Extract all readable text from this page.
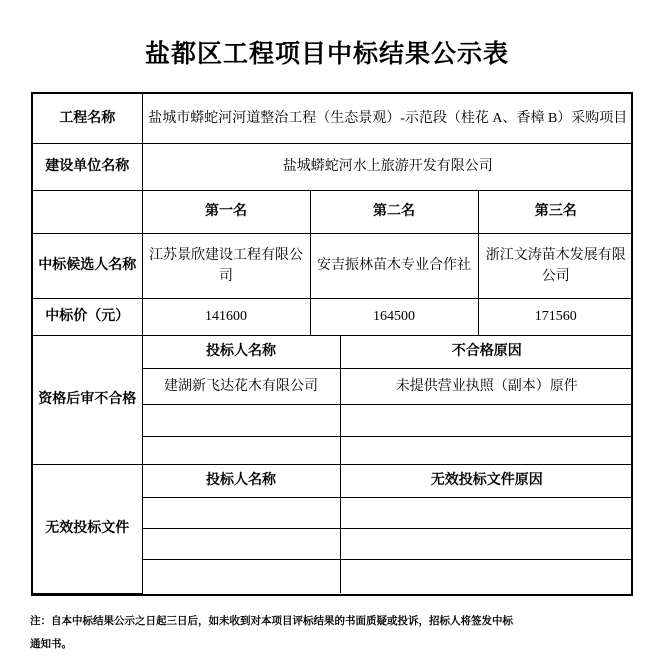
盐都区工程项目中标结果公示表
工程名称	盐城市蟒蛇河河道整治工程（生态景观）-示范段（桂花 A、香樟 B）采购项目		
建设单位名称	盐城蟒蛇河水上旅游开发有限公司		
	第一名	第二名	第三名
中标候选人名称	江苏景欣建设工程有限公司	安吉振林苗木专业合作社	浙江文涛苗木发展有限公司
中标价（元）	141600	164500	171560
资格后审不合格	投标人名称	不合格原因
	建湖新飞达花木有限公司	未提供营业执照（副本）原件

无效投标文件	投标人名称	无效投标文件原因

注：自本中标结果公示之日起三日后，如未收到对本项目评标结果的书面质疑或投诉，招标人将签发中标通知书。
